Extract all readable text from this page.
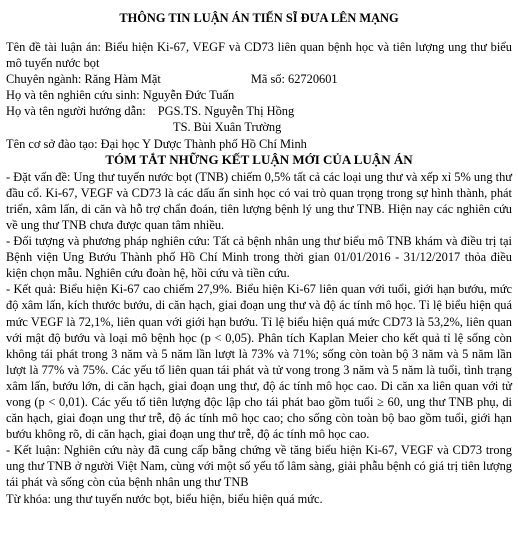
THÔNG TIN LUẬN ÁN TIẾN SĨ ĐƯA LÊN MẠNG
Tên đề tài luận án: Biểu hiện Ki-67, VEGF và CD73 liên quan bệnh học và tiên lượng ung thư biểu mô tuyến nước bọt
Chuyên ngành: Răng Hàm Mặt	Mã số: 62720601
Họ và tên nghiên cứu sinh: Nguyễn Đức Tuấn
Họ và tên người hướng dẫn: PGS.TS. Nguyễn Thị Hồng
TS. Bùi Xuân Trường
Tên cơ sở đào tạo: Đại học Y Dược Thành phố Hồ Chí Minh
TÓM TẮT NHỮNG KẾT LUẬN MỚI CỦA LUẬN ÁN
- Đặt vấn đề: Ung thư tuyến nước bọt (TNB) chiếm 0,5% tất cả các loại ung thư và xếp xỉ 5% ung thư đầu cổ. Ki-67, VEGF và CD73 là các dấu ấn sinh học có vai trò quan trọng trong sự hình thành, phát triển, xâm lấn, di căn và hỗ trợ chẩn đoán, tiên lượng bệnh lý ung thư TNB. Hiện nay các nghiên cứu về ung thư TNB chưa được quan tâm nhiều.
- Đối tượng và phương pháp nghiên cứu: Tất cả bệnh nhân ung thư biểu mô TNB khám và điều trị tại Bệnh viện Ung Bướu Thành phố Hồ Chí Minh trong thời gian 01/01/2016 - 31/12/2017 thỏa điều kiện chọn mẫu. Nghiên cứu đoàn hệ, hồi cứu và tiền cứu.
- Kết quả: Biểu hiện Ki-67 cao chiếm 27,9%. Biểu hiện Ki-67 liên quan với tuổi, giới hạn bướu, mức độ xâm lấn, kích thước bướu, di căn hạch, giai đoạn ung thư và độ ác tính mô học. Tỉ lệ biểu hiện quá mức VEGF là 72,1%, liên quan với giới hạn bướu. Tỉ lệ biểu hiện quá mức CD73 là 53,2%, liên quan với mật độ bướu và loại mô bệnh học (p < 0,05). Phân tích Kaplan Meier cho kết quả tỉ lệ sống còn không tái phát trong 3 năm và 5 năm lần lượt là 73% và 71%; sống còn toàn bộ 3 năm và 5 năm lần lượt là 77% và 75%. Các yếu tố liên quan tái phát và tử vong trong 3 năm và 5 năm là tuổi, tình trạng xâm lấn, bướu lớn, di căn hạch, giai đoạn ung thư, độ ác tính mô học cao. Di căn xa liên quan với tử vong (p < 0,01). Các yếu tố tiên lượng độc lập cho tái phát bao gồm tuổi ≥ 60, ung thư TNB phụ, di căn hạch, giai đoạn ung thư trễ, độ ác tính mô học cao; cho sống còn toàn bộ bao gồm tuổi, giới hạn bướu không rõ, di căn hạch, giai đoạn ung thư trễ, độ ác tính mô học cao.
- Kết luận: Nghiên cứu này đã cung cấp bằng chứng về tăng biểu hiện Ki-67, VEGF và CD73 trong ung thư TNB ở người Việt Nam, cùng với một số yếu tố lâm sàng, giải phẫu bệnh có giá trị tiên lượng tái phát và sống còn của bệnh nhân ung thư TNB
Từ khóa: ung thư tuyến nước bọt, biểu hiện, biểu hiện quá mức.
